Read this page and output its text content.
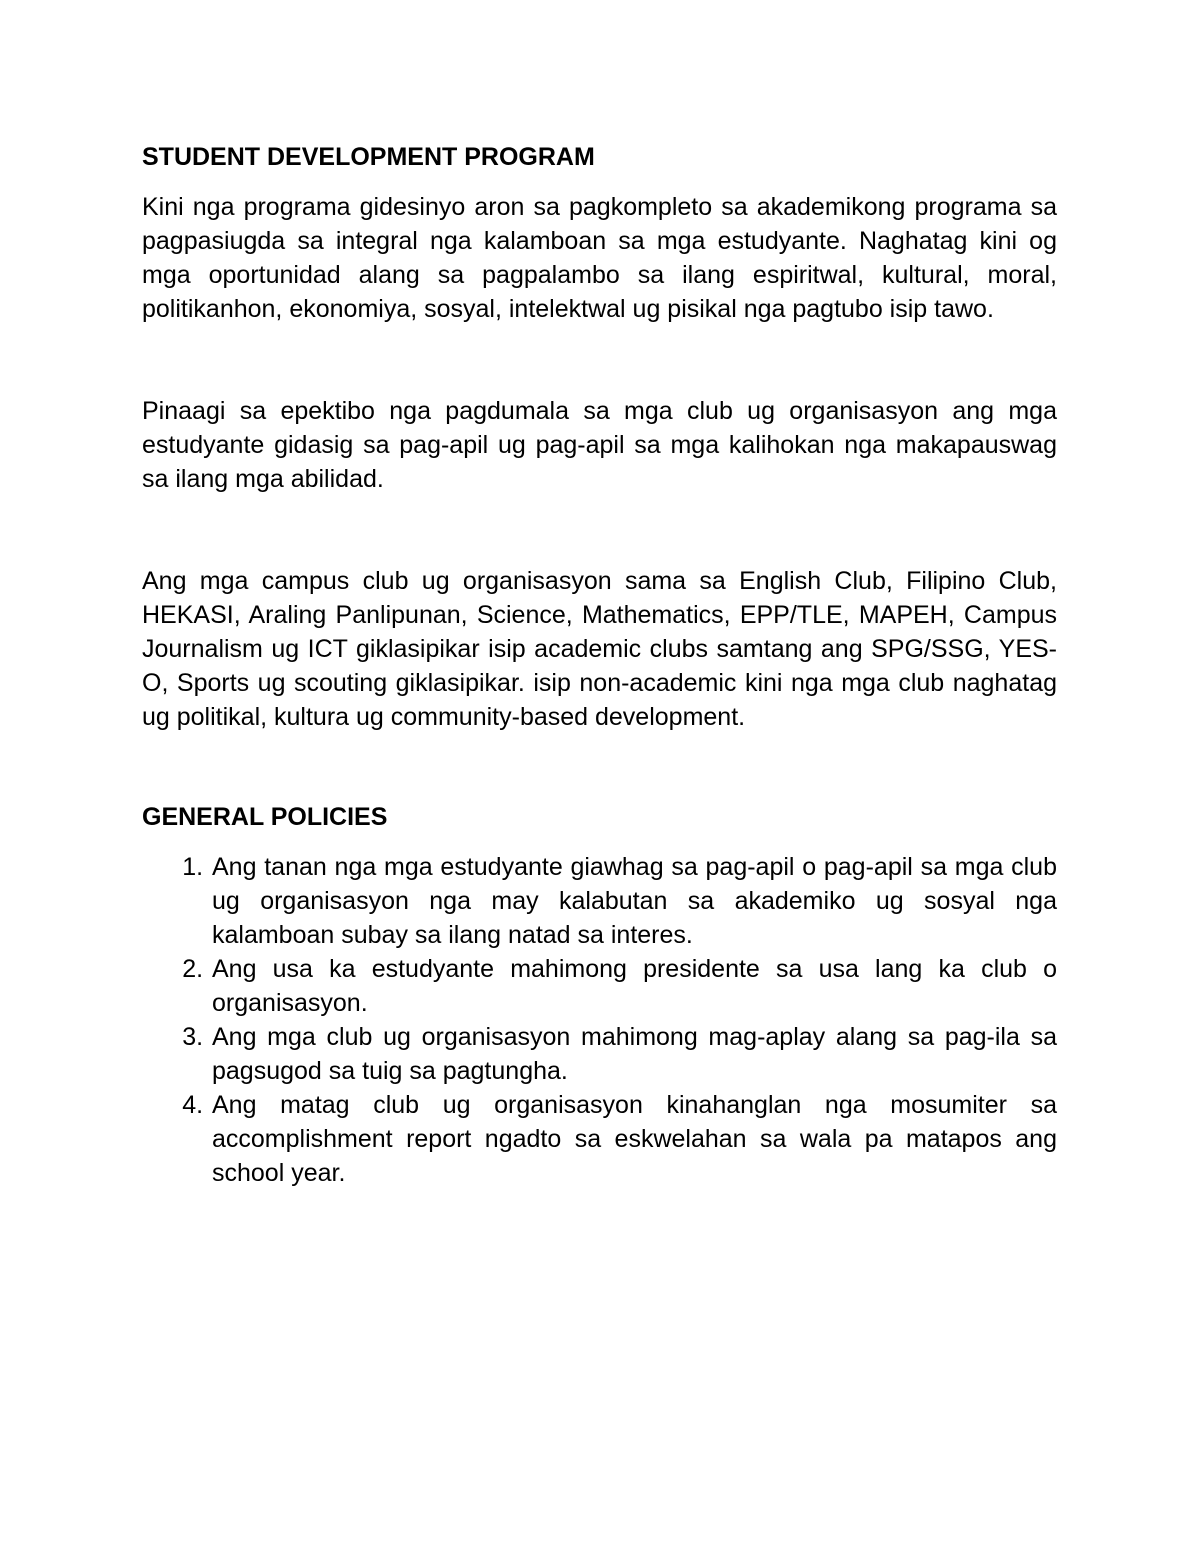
STUDENT DEVELOPMENT PROGRAM

Kini nga programa gidesinyo aron sa pagkompleto sa akademikong programa sa pagpasiugda sa integral nga kalamboan sa mga estudyante. Naghatag kini og mga oportunidad alang sa pagpalambo sa ilang espiritwal, kultural, moral, politikanhon, ekonomiya, sosyal, intelektwal ug pisikal nga pagtubo isip tawo.

Pinaagi sa epektibo nga pagdumala sa mga club ug organisasyon ang mga estudyante gidasig sa pag-apil ug pag-apil sa mga kalihokan nga makapauswag sa ilang mga abilidad.

Ang mga campus club ug organisasyon sama sa English Club, Filipino Club, HEKASI, Araling Panlipunan, Science, Mathematics, EPP/TLE, MAPEH, Campus Journalism ug ICT giklasipikar isip academic clubs samtang ang SPG/SSG, YES-O, Sports ug scouting giklasipikar. isip non-academic kini nga mga club naghatag ug politikal, kultura ug community-based development.

GENERAL POLICIES
1. Ang tanan nga mga estudyante giawhag sa pag-apil o pag-apil sa mga club ug organisasyon nga may kalabutan sa akademiko ug sosyal nga kalamboan subay sa ilang natad sa interes.
2. Ang usa ka estudyante mahimong presidente sa usa lang ka club o organisasyon.
3. Ang mga club ug organisasyon mahimong mag-aplay alang sa pag-ila sa pagsugod sa tuig sa pagtungha.
4. Ang matag club ug organisasyon kinahanglan nga mosumiter sa accomplishment report ngadto sa eskwelahan sa wala pa matapos ang school year.
